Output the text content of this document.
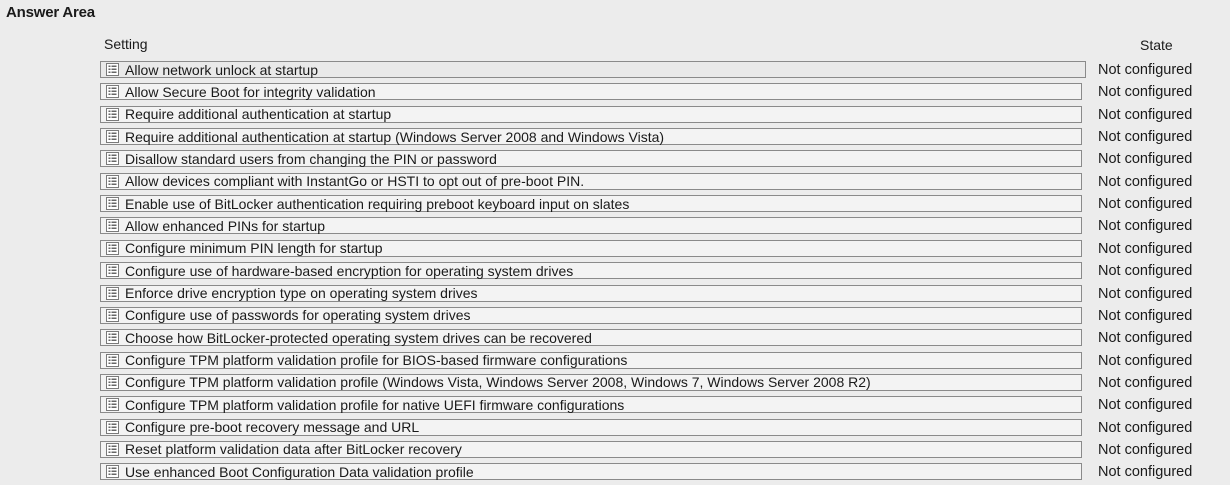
Answer Area
Setting	State
Allow network unlock at startup	Not configured
Allow Secure Boot for integrity validation	Not configured
Require additional authentication at startup	Not configured
Require additional authentication at startup (Windows Server 2008 and Windows Vista)	Not configured
Disallow standard users from changing the PIN or password	Not configured
Allow devices compliant with InstantGo or HSTI to opt out of pre-boot PIN.	Not configured
Enable use of BitLocker authentication requiring preboot keyboard input on slates	Not configured
Allow enhanced PINs for startup	Not configured
Configure minimum PIN length for startup	Not configured
Configure use of hardware-based encryption for operating system drives	Not configured
Enforce drive encryption type on operating system drives	Not configured
Configure use of passwords for operating system drives	Not configured
Choose how BitLocker-protected operating system drives can be recovered	Not configured
Configure TPM platform validation profile for BIOS-based firmware configurations	Not configured
Configure TPM platform validation profile (Windows Vista, Windows Server 2008, Windows 7, Windows Server 2008 R2)	Not configured
Configure TPM platform validation profile for native UEFI firmware configurations	Not configured
Configure pre-boot recovery message and URL	Not configured
Reset platform validation data after BitLocker recovery	Not configured
Use enhanced Boot Configuration Data validation profile	Not configured
